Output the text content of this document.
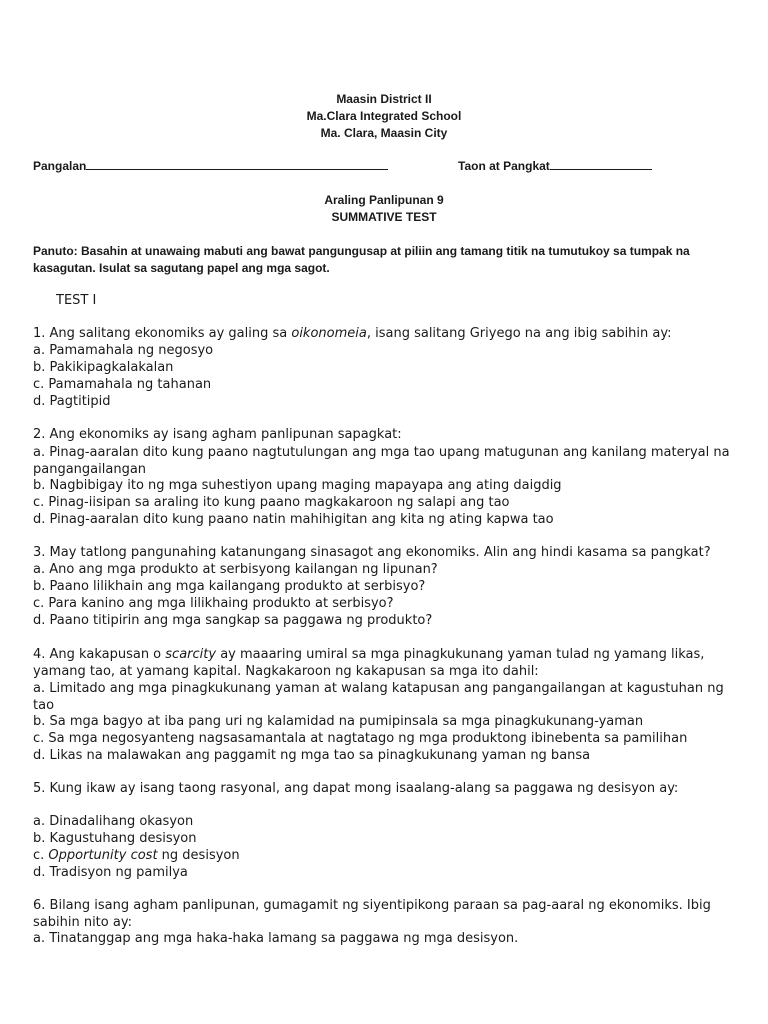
Maasin District II
Ma.Clara Integrated School
Ma. Clara, Maasin City
Pangalan	Taon at Pangkat
Araling Panlipunan 9
SUMMATIVE TEST
Panuto: Basahin at unawaing mabuti ang bawat pangungusap at piliin ang tamang titik na tumutukoy sa tumpak na kasagutan. Isulat sa sagutang papel ang mga sagot.
TEST I
1. Ang salitang ekonomiks ay galing sa oikonomeia, isang salitang Griyego na ang ibig sabihin ay:
a. Pamamahala ng negosyo
b. Pakikipagkalakalan
c. Pamamahala ng tahanan
d. Pagtitipid
2. Ang ekonomiks ay isang agham panlipunan sapagkat:
a. Pinag-aaralan dito kung paano nagtutulungan ang mga tao upang matugunan ang kanilang materyal na pangangailangan
b. Nagbibigay ito ng mga suhestiyon upang maging mapayapa ang ating daigdig
c. Pinag-iisipan sa araling ito kung paano magkakaroon ng salapi ang tao
d. Pinag-aaralan dito kung paano natin mahihigitan ang kita ng ating kapwa tao
3. May tatlong pangunahing katanungang sinasagot ang ekonomiks. Alin ang hindi kasama sa pangkat?
a. Ano ang mga produkto at serbisyong kailangan ng lipunan?
b. Paano lilikhain ang mga kailangang produkto at serbisyo?
c. Para kanino ang mga lilikhaing produkto at serbisyo?
d. Paano titipirin ang mga sangkap sa paggawa ng produkto?
4. Ang kakapusan o scarcity ay maaaring umiral sa mga pinagkukunang yaman tulad ng yamang likas, yamang tao, at yamang kapital. Nagkakaroon ng kakapusan sa mga ito dahil:
a. Limitado ang mga pinagkukunang yaman at walang katapusan ang pangangailangan at kagustuhan ng tao
b. Sa mga bagyo at iba pang uri ng kalamidad na pumipinsala sa mga pinagkukunang-yaman
c. Sa mga negosyanteng nagsasamantala at nagtatago ng mga produktong ibinebenta sa pamilihan
d. Likas na malawakan ang paggamit ng mga tao sa pinagkukunang yaman ng bansa
5. Kung ikaw ay isang taong rasyonal, ang dapat mong isaalang-alang sa paggawa ng desisyon ay:
a. Dinadalihang okasyon
b. Kagustuhang desisyon
c. Opportunity cost ng desisyon
d. Tradisyon ng pamilya
6. Bilang isang agham panlipunan, gumagamit ng siyentipikong paraan sa pag-aaral ng ekonomiks. Ibig sabihin nito ay:
a. Tinatanggap ang mga haka-haka lamang sa paggawa ng mga desisyon.
